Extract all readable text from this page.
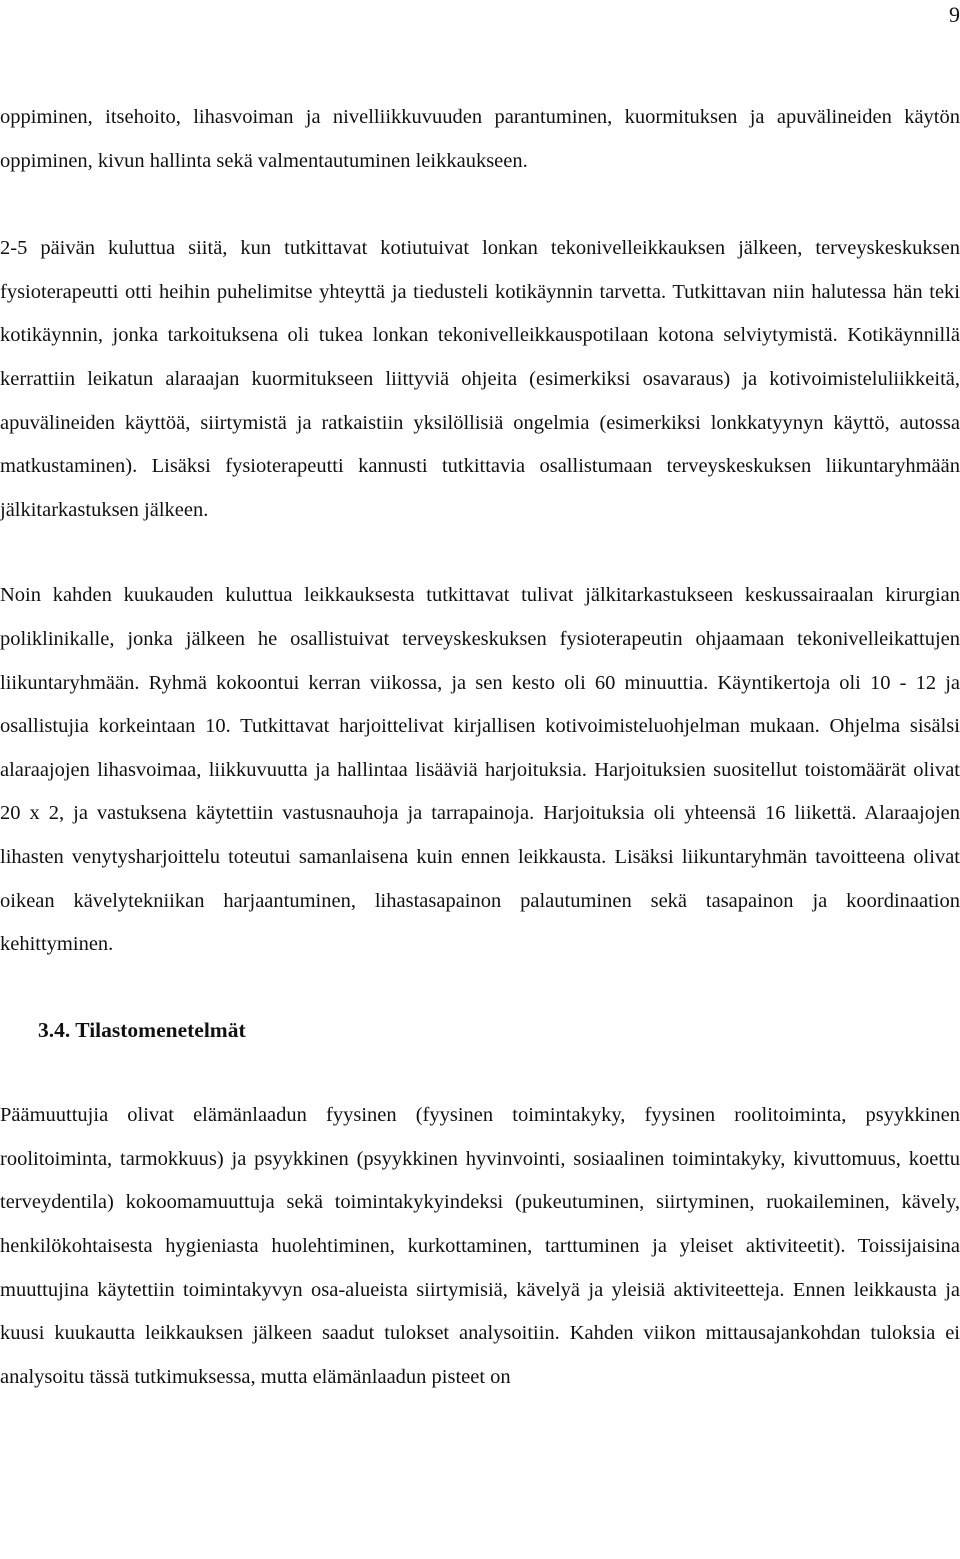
9

oppiminen, itsehoito, lihasvoiman ja nivelliikkuvuuden parantuminen, kuormituksen ja apuvälineiden käytön oppiminen, kivun hallinta sekä valmentautuminen leikkaukseen.

2-5 päivän kuluttua siitä, kun tutkittavat kotiutuivat lonkan tekonivelleikkauksen jälkeen, terveyskeskuksen fysioterapeutti otti heihin puhelimitse yhteyttä ja tiedusteli kotikäynnin tarvetta. Tutkittavan niin halutessa hän teki kotikäynnin, jonka tarkoituksena oli tukea lonkan tekonivelleikkauspotilaan kotona selviytymistä. Kotikäynnillä kerrattiin leikatun alaraajan kuormitukseen liittyviä ohjeita (esimerkiksi osavaraus) ja kotivoimisteluliikkeitä, apuvälineiden käyttöä, siirtymistä ja ratkaistiin yksilöllisiä ongelmia (esimerkiksi lonkkatyynyn käyttö, autossa matkustaminen). Lisäksi fysioterapeutti kannusti tutkittavia osallistumaan terveyskeskuksen liikuntaryhmään jälkitarkastuksen jälkeen.

Noin kahden kuukauden kuluttua leikkauksesta tutkittavat tulivat jälkitarkastukseen keskussairaalan kirurgian poliklinikalle, jonka jälkeen he osallistuivat terveyskeskuksen fysioterapeutin ohjaamaan tekonivelleikattujen liikuntaryhmään. Ryhmä kokoontui kerran viikossa, ja sen kesto oli 60 minuuttia. Käyntikertoja oli 10 - 12 ja osallistujia korkeintaan 10. Tutkittavat harjoittelivat kirjallisen kotivoimisteluohjelman mukaan. Ohjelma sisälsi alaraajojen lihasvoimaa, liikkuvuutta ja hallintaa lisääviä harjoituksia. Harjoituksien suositellut toistomäärät olivat 20 x 2, ja vastuksena käytettiin vastusnauhoja ja tarrapainoja. Harjoituksia oli yhteensä 16 liikettä. Alaraajojen lihasten venytysharjoittelu toteutui samanlaisena kuin ennen leikkausta. Lisäksi liikuntaryhmän tavoitteena olivat oikean kävelytekniikan harjaantuminen, lihastasapainon palautuminen sekä tasapainon ja koordinaation kehittyminen.

3.4. Tilastomenetelmät

Päämuuttujia olivat elämänlaadun fyysinen (fyysinen toimintakyky, fyysinen roolitoiminta, psyykkinen roolitoiminta, tarmokkuus) ja psyykkinen (psyykkinen hyvinvointi, sosiaalinen toimintakyky, kivuttomuus, koettu terveydentila) kokoomamuuttuja sekä toimintakykyindeksi (pukeutuminen, siirtyminen, ruokaileminen, kävely, henkilökohtaisesta hygieniasta huolehtiminen, kurkottaminen, tarttuminen ja yleiset aktiviteetit). Toissijaisina muuttujina käytettiin toimintakyvyn osa-alueista siirtymisiä, kävelyä ja yleisiä aktiviteetteja. Ennen leikkausta ja kuusi kuukautta leikkauksen jälkeen saadut tulokset analysoitiin. Kahden viikon mittausajankohdan tuloksia ei analysoitu tässä tutkimuksessa, mutta elämänlaadun pisteet on
